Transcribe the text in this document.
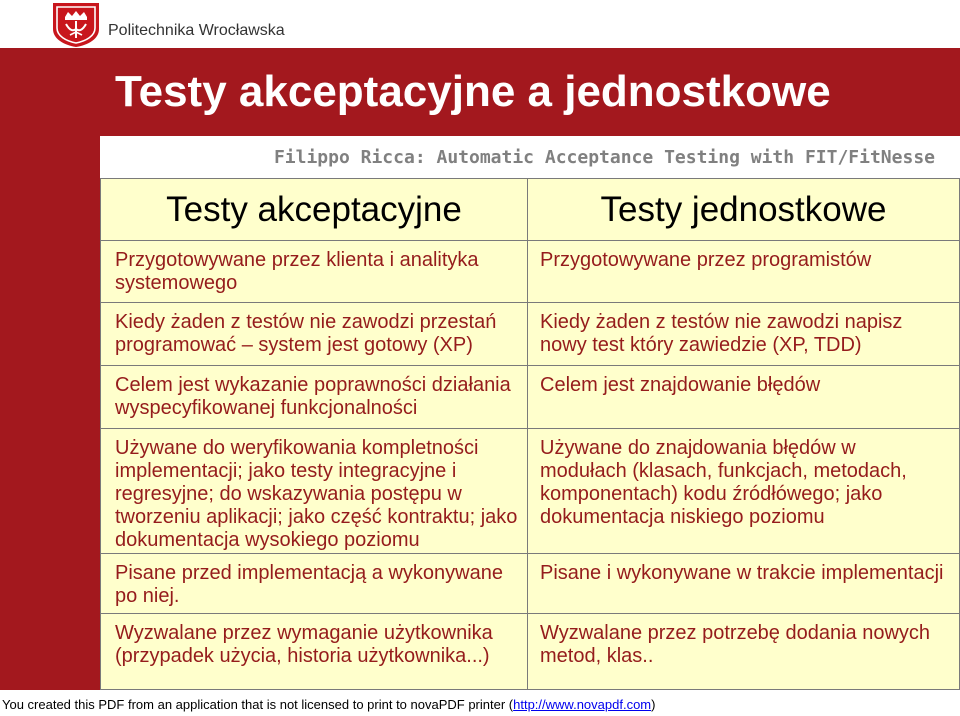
Politechnika Wrocławska
Testy akceptacyjne a jednostkowe
Filippo Ricca: Automatic Acceptance Testing with FIT/FitNesse
Testy akceptacyjne	Testy jednostkowe
Przygotowywane przez klienta i analityka
systemowego
Przygotowywane przez programistów
Kiedy żaden z testów nie zawodzi przestań
programować – system jest gotowy (XP)
Kiedy żaden z testów nie zawodzi napisz
nowy test który zawiedzie (XP, TDD)
Celem jest wykazanie poprawności działania
wyspecyfikowanej funkcjonalności
Celem jest znajdowanie błędów
Używane do weryfikowania kompletności
implementacji; jako testy integracyjne i
regresyjne; do wskazywania postępu w
tworzeniu aplikacji; jako część kontraktu; jako
dokumentacja wysokiego poziomu
Używane do znajdowania błędów w
modułach (klasach, funkcjach, metodach,
komponentach) kodu źródłówego; jako
dokumentacja niskiego poziomu
Pisane przed implementacją a wykonywane
po niej.
Pisane i wykonywane w trakcie implementacji
Wyzwalane przez wymaganie użytkownika
(przypadek użycia, historia użytkownika...)
Wyzwalane przez potrzebę dodania nowych
metod, klas..
You created this PDF from an application that is not licensed to print to novaPDF printer (http://www.novapdf.com)
